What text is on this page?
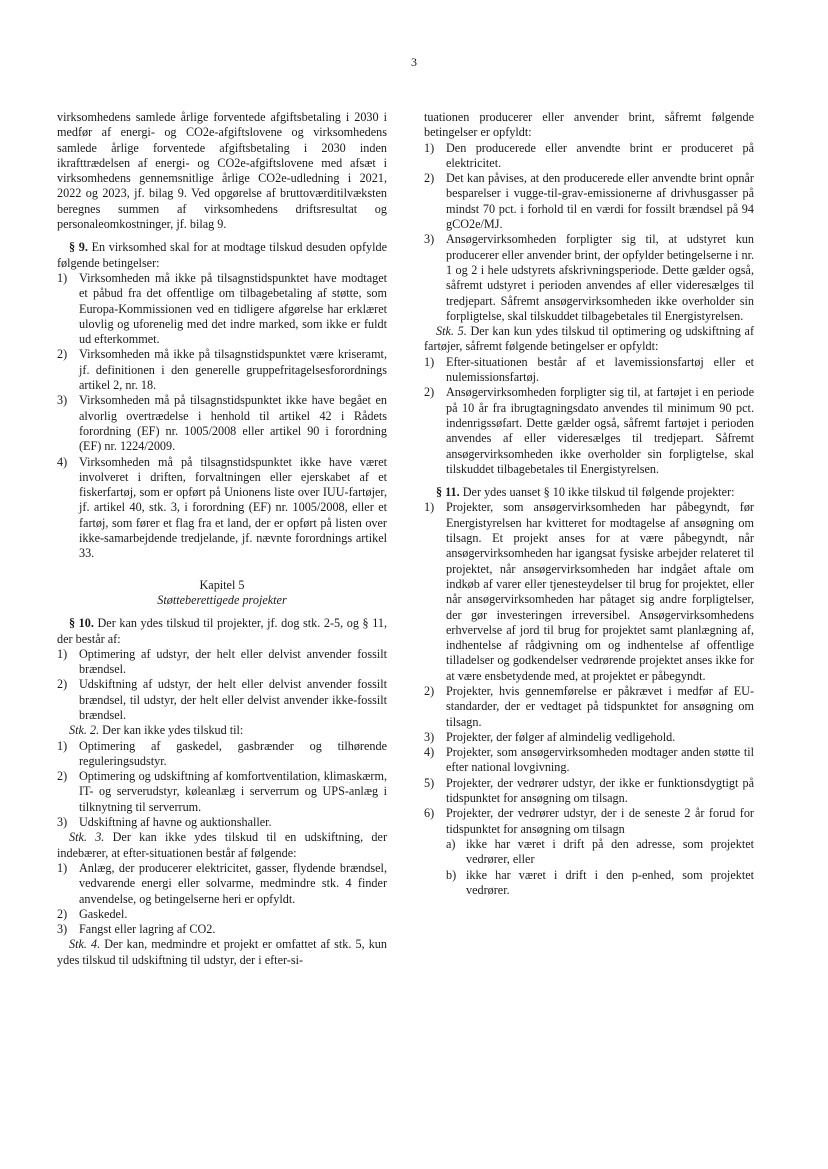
3

virksomhedens samlede årlige forventede afgiftsbetaling i 2030 i medfør af energi- og CO2e-afgiftslovene og virksomhedens samlede årlige forventede afgiftsbetaling i 2030 inden ikrafttrædelsen af energi- og CO2e-afgiftslovene med afsæt i virksomhedens gennemsnitlige årlige CO2e-udledning i 2021, 2022 og 2023, jf. bilag 9. Ved opgørelse af bruttoværditilvæksten beregnes summen af virksomhedens driftsresultat og personaleomkostninger, jf. bilag 9.

§ 9. En virksomhed skal for at modtage tilskud desuden opfylde følgende betingelser:

1) Virksomheden må ikke på tilsagnstidspunktet have modtaget et påbud fra det offentlige om tilbagebetaling af støtte, som Europa-Kommissionen ved en tidligere afgørelse har erklæret ulovlig og uforenelig med det indre marked, som ikke er fuldt ud efterkommet.
2) Virksomheden må ikke på tilsagnstidspunktet være kriseramt, jf. definitionen i den generelle gruppefritagelsesforordnings artikel 2, nr. 18.
3) Virksomheden må på tilsagnstidspunktet ikke have begået en alvorlig overtrædelse i henhold til artikel 42 i Rådets forordning (EF) nr. 1005/2008 eller artikel 90 i forordning (EF) nr. 1224/2009.
4) Virksomheden må på tilsagnstidspunktet ikke have været involveret i driften, forvaltningen eller ejerskabet af et fiskerfartøj, som er opført på Unionens liste over IUU-fartøjer, jf. artikel 40, stk. 3, i forordning (EF) nr. 1005/2008, eller et fartøj, som fører et flag fra et land, der er opført på listen over ikke-samarbejdende tredjelande, jf. nævnte forordnings artikel 33.

Kapitel 5

Støtteberettigede projekter

§ 10. Der kan ydes tilskud til projekter, jf. dog stk. 2-5, og § 11, der består af:

1) Optimering af udstyr, der helt eller delvist anvender fossilt brændsel.
2) Udskiftning af udstyr, der helt eller delvist anvender fossilt brændsel, til udstyr, der helt eller delvist anvender ikke-fossilt brændsel.

Stk. 2. Der kan ikke ydes tilskud til:

1) Optimering af gaskedel, gasbrænder og tilhørende reguleringsudstyr.
2) Optimering og udskiftning af komfortventilation, klimaskærm, IT- og serverudstyr, køleanlæg i serverrum og UPS-anlæg i tilknytning til serverrum.
3) Udskiftning af havne og auktionshaller.

Stk. 3. Der kan ikke ydes tilskud til en udskiftning, der indebærer, at efter-situationen består af følgende:

1) Anlæg, der producerer elektricitet, gasser, flydende brændsel, vedvarende energi eller solvarme, medmindre stk. 4 finder anvendelse, og betingelserne heri er opfyldt.
2) Gaskedel.
3) Fangst eller lagring af CO2.

Stk. 4. Der kan, medmindre et projekt er omfattet af stk. 5, kun ydes tilskud til udskiftning til udstyr, der i efter-si-

tuationen producerer eller anvender brint, såfremt følgende betingelser er opfyldt:

1) Den producerede eller anvendte brint er produceret på elektricitet.
2) Det kan påvises, at den producerede eller anvendte brint opnår besparelser i vugge-til-grav-emissionerne af drivhusgasser på mindst 70 pct. i forhold til en værdi for fossilt brændsel på 94 gCO2e/MJ.
3) Ansøgervirksomheden forpligter sig til, at udstyret kun producerer eller anvender brint, der opfylder betingelserne i nr. 1 og 2 i hele udstyrets afskrivningsperiode. Dette gælder også, såfremt udstyret i perioden anvendes af eller videresælges til tredjepart. Såfremt ansøgervirksomheden ikke overholder sin forpligtelse, skal tilskuddet tilbagebetales til Energistyrelsen.

Stk. 5. Der kan kun ydes tilskud til optimering og udskiftning af fartøjer, såfremt følgende betingelser er opfyldt:

1) Efter-situationen består af et lavemissionsfartøj eller et nulemissionsfartøj.
2) Ansøgervirksomheden forpligter sig til, at fartøjet i en periode på 10 år fra ibrugtagningsdato anvendes til minimum 90 pct. indenrigssøfart. Dette gælder også, såfremt fartøjet i perioden anvendes af eller videresælges til tredjepart. Såfremt ansøgervirksomheden ikke overholder sin forpligtelse, skal tilskuddet tilbagebetales til Energistyrelsen.

§ 11. Der ydes uanset § 10 ikke tilskud til følgende projekter:

1) Projekter, som ansøgervirksomheden har påbegyndt, før Energistyrelsen har kvitteret for modtagelse af ansøgning om tilsagn. Et projekt anses for at være påbegyndt, når ansøgervirksomheden har igangsat fysiske arbejder relateret til projektet, når ansøgervirksomheden har indgået aftale om indkøb af varer eller tjenesteydelser til brug for projektet, eller når ansøgervirksomheden har påtaget sig andre forpligtelser, der gør investeringen irreversibel. Ansøgervirksomhedens erhvervelse af jord til brug for projektet samt planlægning af, indhentelse af rådgivning om og indhentelse af offentlige tilladelser og godkendelser vedrørende projektet anses ikke for at være ensbetydende med, at projektet er påbegyndt.
2) Projekter, hvis gennemførelse er påkrævet i medfør af EU-standarder, der er vedtaget på tidspunktet for ansøgning om tilsagn.
3) Projekter, der følger af almindelig vedligehold.
4) Projekter, som ansøgervirksomheden modtager anden støtte til efter national lovgivning.
5) Projekter, der vedrører udstyr, der ikke er funktionsdygtigt på tidspunktet for ansøgning om tilsagn.
6) Projekter, der vedrører udstyr, der i de seneste 2 år forud for tidspunktet for ansøgning om tilsagn
a) ikke har været i drift på den adresse, som projektet vedrører, eller
b) ikke har været i drift i den p-enhed, som projektet vedrører.
